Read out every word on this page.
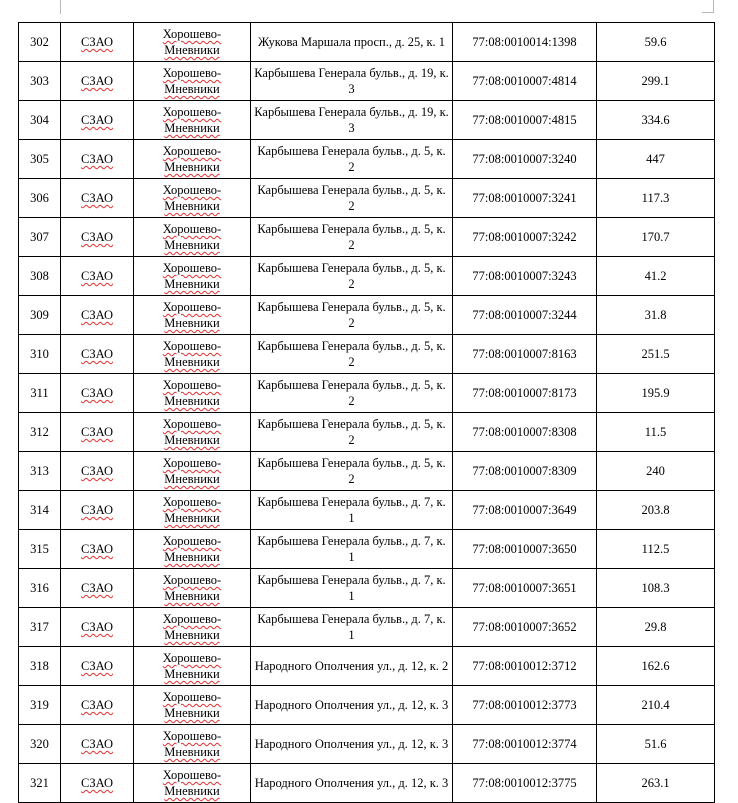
302	СЗАО	Хорошево-Мневники	Жукова Маршала просп., д. 25, к. 1	77:08:0010014:1398	59.6
303	СЗАО	Хорошево-Мневники	Карбышева Генерала бульв., д. 19, к. 3	77:08:0010007:4814	299.1
304	СЗАО	Хорошево-Мневники	Карбышева Генерала бульв., д. 19, к. 3	77:08:0010007:4815	334.6
305	СЗАО	Хорошево-Мневники	Карбышева Генерала бульв., д. 5, к. 2	77:08:0010007:3240	447
306	СЗАО	Хорошево-Мневники	Карбышева Генерала бульв., д. 5, к. 2	77:08:0010007:3241	117.3
307	СЗАО	Хорошево-Мневники	Карбышева Генерала бульв., д. 5, к. 2	77:08:0010007:3242	170.7
308	СЗАО	Хорошево-Мневники	Карбышева Генерала бульв., д. 5, к. 2	77:08:0010007:3243	41.2
309	СЗАО	Хорошево-Мневники	Карбышева Генерала бульв., д. 5, к. 2	77:08:0010007:3244	31.8
310	СЗАО	Хорошево-Мневники	Карбышева Генерала бульв., д. 5, к. 2	77:08:0010007:8163	251.5
311	СЗАО	Хорошево-Мневники	Карбышева Генерала бульв., д. 5, к. 2	77:08:0010007:8173	195.9
312	СЗАО	Хорошево-Мневники	Карбышева Генерала бульв., д. 5, к. 2	77:08:0010007:8308	11.5
313	СЗАО	Хорошево-Мневники	Карбышева Генерала бульв., д. 5, к. 2	77:08:0010007:8309	240
314	СЗАО	Хорошево-Мневники	Карбышева Генерала бульв., д. 7, к. 1	77:08:0010007:3649	203.8
315	СЗАО	Хорошево-Мневники	Карбышева Генерала бульв., д. 7, к. 1	77:08:0010007:3650	112.5
316	СЗАО	Хорошево-Мневники	Карбышева Генерала бульв., д. 7, к. 1	77:08:0010007:3651	108.3
317	СЗАО	Хорошево-Мневники	Карбышева Генерала бульв., д. 7, к. 1	77:08:0010007:3652	29.8
318	СЗАО	Хорошево-Мневники	Народного Ополчения ул., д. 12, к. 2	77:08:0010012:3712	162.6
319	СЗАО	Хорошево-Мневники	Народного Ополчения ул., д. 12, к. 3	77:08:0010012:3773	210.4
320	СЗАО	Хорошево-Мневники	Народного Ополчения ул., д. 12, к. 3	77:08:0010012:3774	51.6
321	СЗАО	Хорошево-Мневники	Народного Ополчения ул., д. 12, к. 3	77:08:0010012:3775	263.1
